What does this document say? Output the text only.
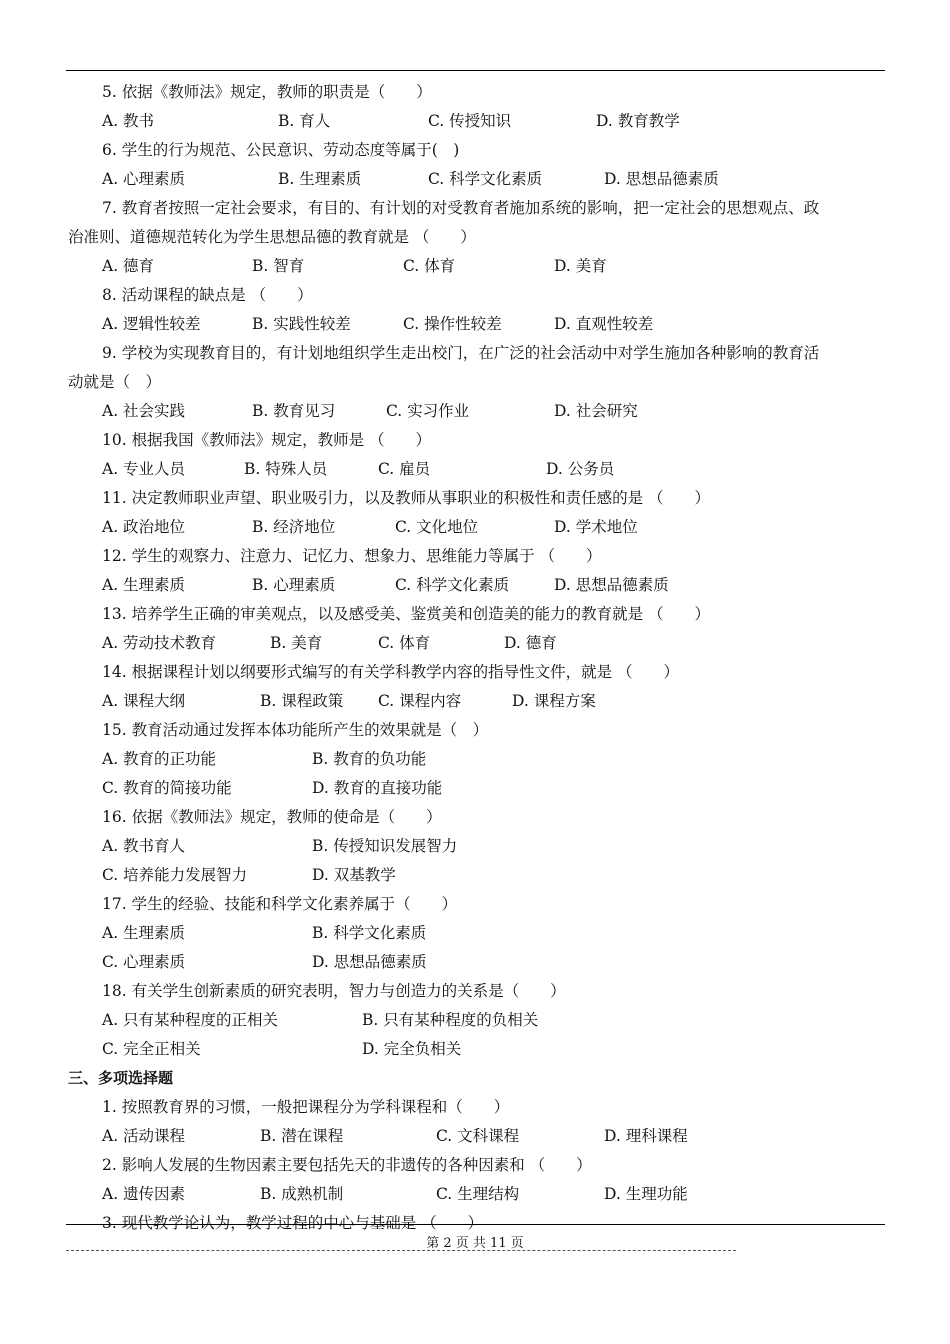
5. 依据《教师法》规定，教师的职责是（　　）
A. 教书	B. 育人	C. 传授知识	D. 教育教学
6. 学生的行为规范、公民意识、劳动态度等属于(　)
A. 心理素质	B. 生理素质	C. 科学文化素质	D. 思想品德素质
7. 教育者按照一定社会要求，有目的、有计划的对受教育者施加系统的影响，把一定社会的思想观点、政
治准则、道德规范转化为学生思想品德的教育就是 （　　）
A. 德育	B. 智育	C. 体育	D. 美育
8. 活动课程的缺点是 （　　）
A. 逻辑性较差	B. 实践性较差	C. 操作性较差	D. 直观性较差
9. 学校为实现教育目的，有计划地组织学生走出校门，在广泛的社会活动中对学生施加各种影响的教育活
动就是（　）
A. 社会实践	B. 教育见习	C. 实习作业	D. 社会研究
10. 根据我国《教师法》规定，教师是 （　　）
A. 专业人员	B. 特殊人员	C. 雇员	D. 公务员
11. 决定教师职业声望、职业吸引力，以及教师从事职业的积极性和责任感的是 （　　）
A. 政治地位	B. 经济地位	C. 文化地位	D. 学术地位
12. 学生的观察力、注意力、记忆力、想象力、思维能力等属于 （　　）
A. 生理素质	B. 心理素质	C. 科学文化素质	D. 思想品德素质
13. 培养学生正确的审美观点，以及感受美、鉴赏美和创造美的能力的教育就是 （　　）
A. 劳动技术教育	B. 美育	C. 体育	D. 德育
14. 根据课程计划以纲要形式编写的有关学科教学内容的指导性文件，就是 （　　）
A. 课程大纲	B. 课程政策 C. 课程内容	D. 课程方案
15. 教育活动通过发挥本体功能所产生的效果就是（　）
A. 教育的正功能	B. 教育的负功能
C. 教育的简接功能	D. 教育的直接功能
16. 依据《教师法》规定，教师的使命是（　　）
A. 教书育人	B. 传授知识发展智力
C. 培养能力发展智力	D. 双基教学
17. 学生的经验、技能和科学文化素养属于（　　）
A. 生理素质	B. 科学文化素质
C. 心理素质	D. 思想品德素质
18. 有关学生创新素质的研究表明，智力与创造力的关系是（　　）
A. 只有某种程度的正相关	B. 只有某种程度的负相关
C. 完全正相关	D. 完全负相关
三、多项选择题
1. 按照教育界的习惯，一般把课程分为学科课程和（　　）
A. 活动课程	B. 潜在课程	C. 文科课程	D. 理科课程
2. 影响人发展的生物因素主要包括先天的非遗传的各种因素和 （　　）
A. 遗传因素	B. 成熟机制	C. 生理结构	D. 生理功能
3. 现代教学论认为，教学过程的中心与基础是 （　　）
第 2 页 共 11 页
